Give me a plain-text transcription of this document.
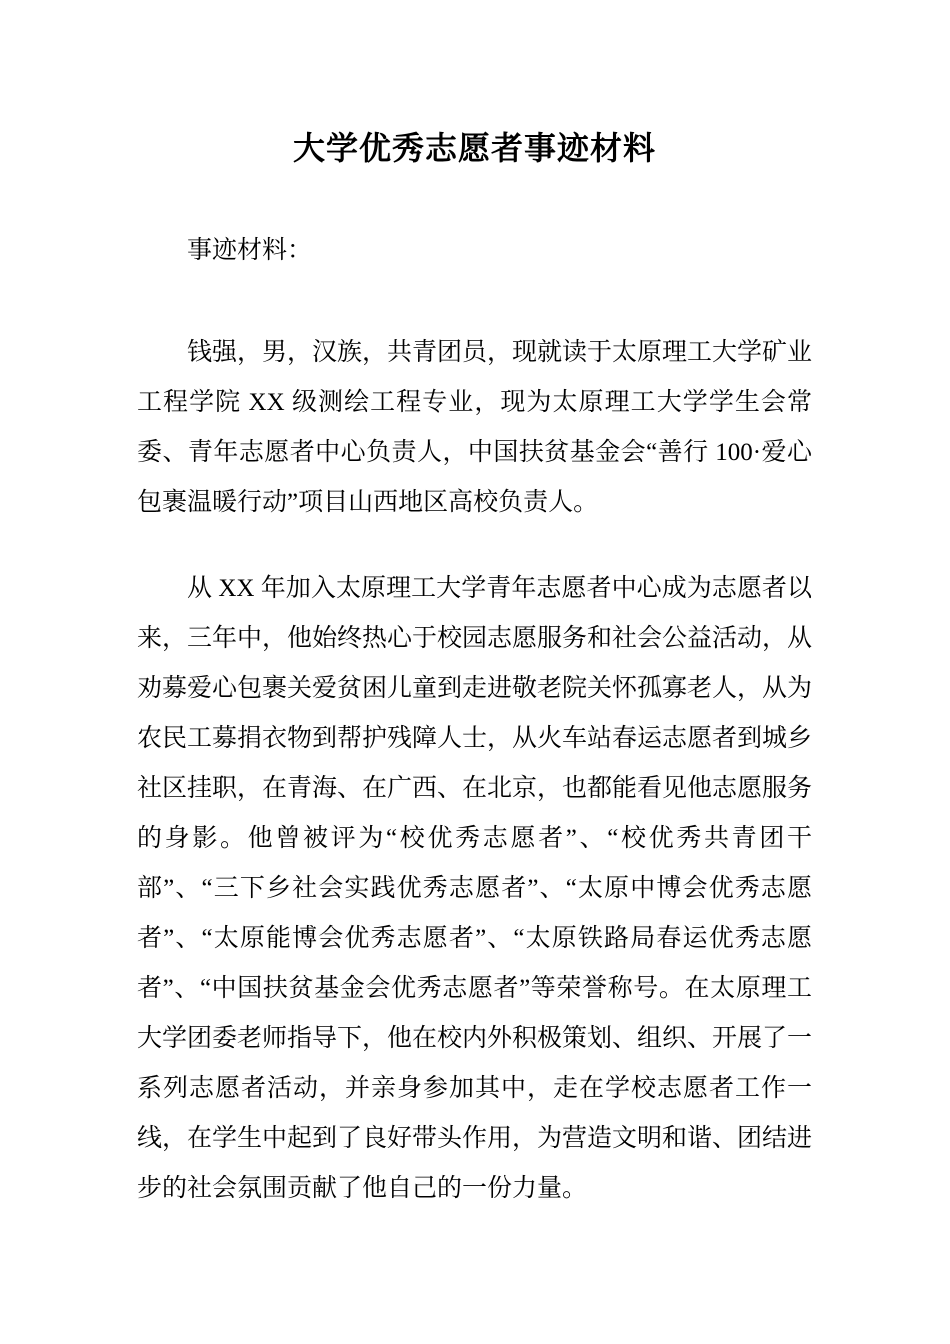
大学优秀志愿者事迹材料

事迹材料：

钱强，男，汉族，共青团员，现就读于太原理工大学矿业工程学院 XX 级测绘工程专业，现为太原理工大学学生会常委、青年志愿者中心负责人，中国扶贫基金会“善行 100·爱心包裹温暖行动”项目山西地区高校负责人。

从 XX 年加入太原理工大学青年志愿者中心成为志愿者以来，三年中，他始终热心于校园志愿服务和社会公益活动，从劝募爱心包裹关爱贫困儿童到走进敬老院关怀孤寡老人，从为农民工募捐衣物到帮护残障人士，从火车站春运志愿者到城乡社区挂职，在青海、在广西、在北京，也都能看见他志愿服务的身影。他曾被评为“校优秀志愿者”、“校优秀共青团干部”、“三下乡社会实践优秀志愿者”、“太原中博会优秀志愿者”、“太原能博会优秀志愿者”、“太原铁路局春运优秀志愿者”、“中国扶贫基金会优秀志愿者”等荣誉称号。在太原理工大学团委老师指导下，他在校内外积极策划、组织、开展了一系列志愿者活动，并亲身参加其中，走在学校志愿者工作一线，在学生中起到了良好带头作用，为营造文明和谐、团结进步的社会氛围贡献了他自己的一份力量。
